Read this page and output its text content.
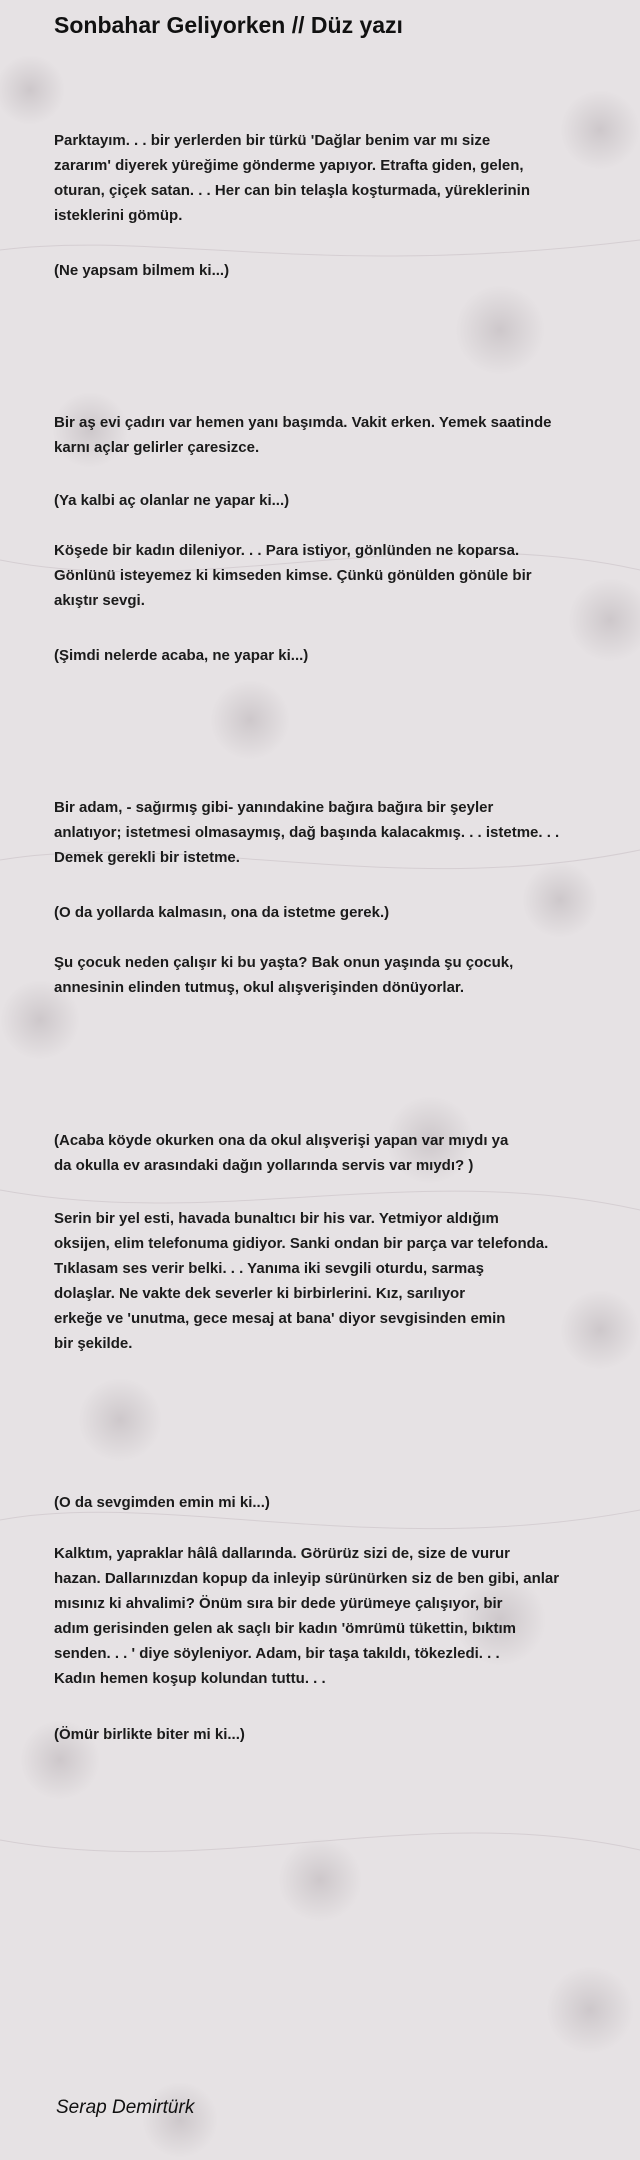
Sonbahar Geliyorken // Düz yazı

Parktayım. . . bir yerlerden bir türkü 'Dağlar benim var mı size
zararım' diyerek yüreğime gönderme yapıyor. Etrafta giden, gelen,
oturan, çiçek satan. . . Her can bin telaşla koşturmada, yüreklerinin
isteklerini gömüp.

(Ne yapsam bilmem ki...)

Bir aş evi çadırı var hemen yanı başımda. Vakit erken. Yemek saatinde
karnı açlar gelirler çaresizce.

(Ya kalbi aç olanlar ne yapar ki...)

Köşede bir kadın dileniyor. . . Para istiyor, gönlünden ne koparsa.
Gönlünü isteyemez ki kimseden kimse. Çünkü gönülden gönüle bir
akıştır sevgi.

(Şimdi nelerde acaba, ne yapar ki...)

Bir adam, - sağırmış gibi- yanındakine bağıra bağıra bir şeyler
anlatıyor; istetmesi olmasaymış, dağ başında kalacakmış. . . istetme. . .
Demek gerekli bir istetme.

(O da yollarda kalmasın, ona da istetme gerek.)

Şu çocuk neden çalışır ki bu yaşta? Bak onun yaşında şu çocuk,
annesinin elinden tutmuş, okul alışverişinden dönüyorlar.

(Acaba köyde okurken ona da okul alışverişi yapan var mıydı ya
da okulla ev arasındaki dağın yollarında servis var mıydı? )

Serin bir yel esti, havada bunaltıcı bir his var. Yetmiyor aldığım
oksijen, elim telefonuma gidiyor. Sanki ondan bir parça var telefonda.
Tıklasam ses verir belki. . . Yanıma iki sevgili oturdu, sarmaş
dolaşlar. Ne vakte dek severler ki birbirlerini. Kız, sarılıyor
erkeğe ve 'unutma, gece mesaj at bana' diyor sevgisinden emin
bir şekilde.

(O da sevgimden emin mi ki...)

Kalktım, yapraklar hâlâ dallarında. Görürüz sizi de, size de vurur
hazan. Dallarınızdan kopup da inleyip sürünürken siz de ben gibi, anlar
mısınız ki ahvalimi? Önüm sıra bir dede yürümeye çalışıyor, bir
adım gerisinden gelen ak saçlı bir kadın 'ömrümü tükettin, bıktım
senden. . . ' diye söyleniyor. Adam, bir taşa takıldı, tökezledi. . .
Kadın hemen koşup kolundan tuttu. . .

(Ömür birlikte biter mi ki...)

Serap Demirtürk
